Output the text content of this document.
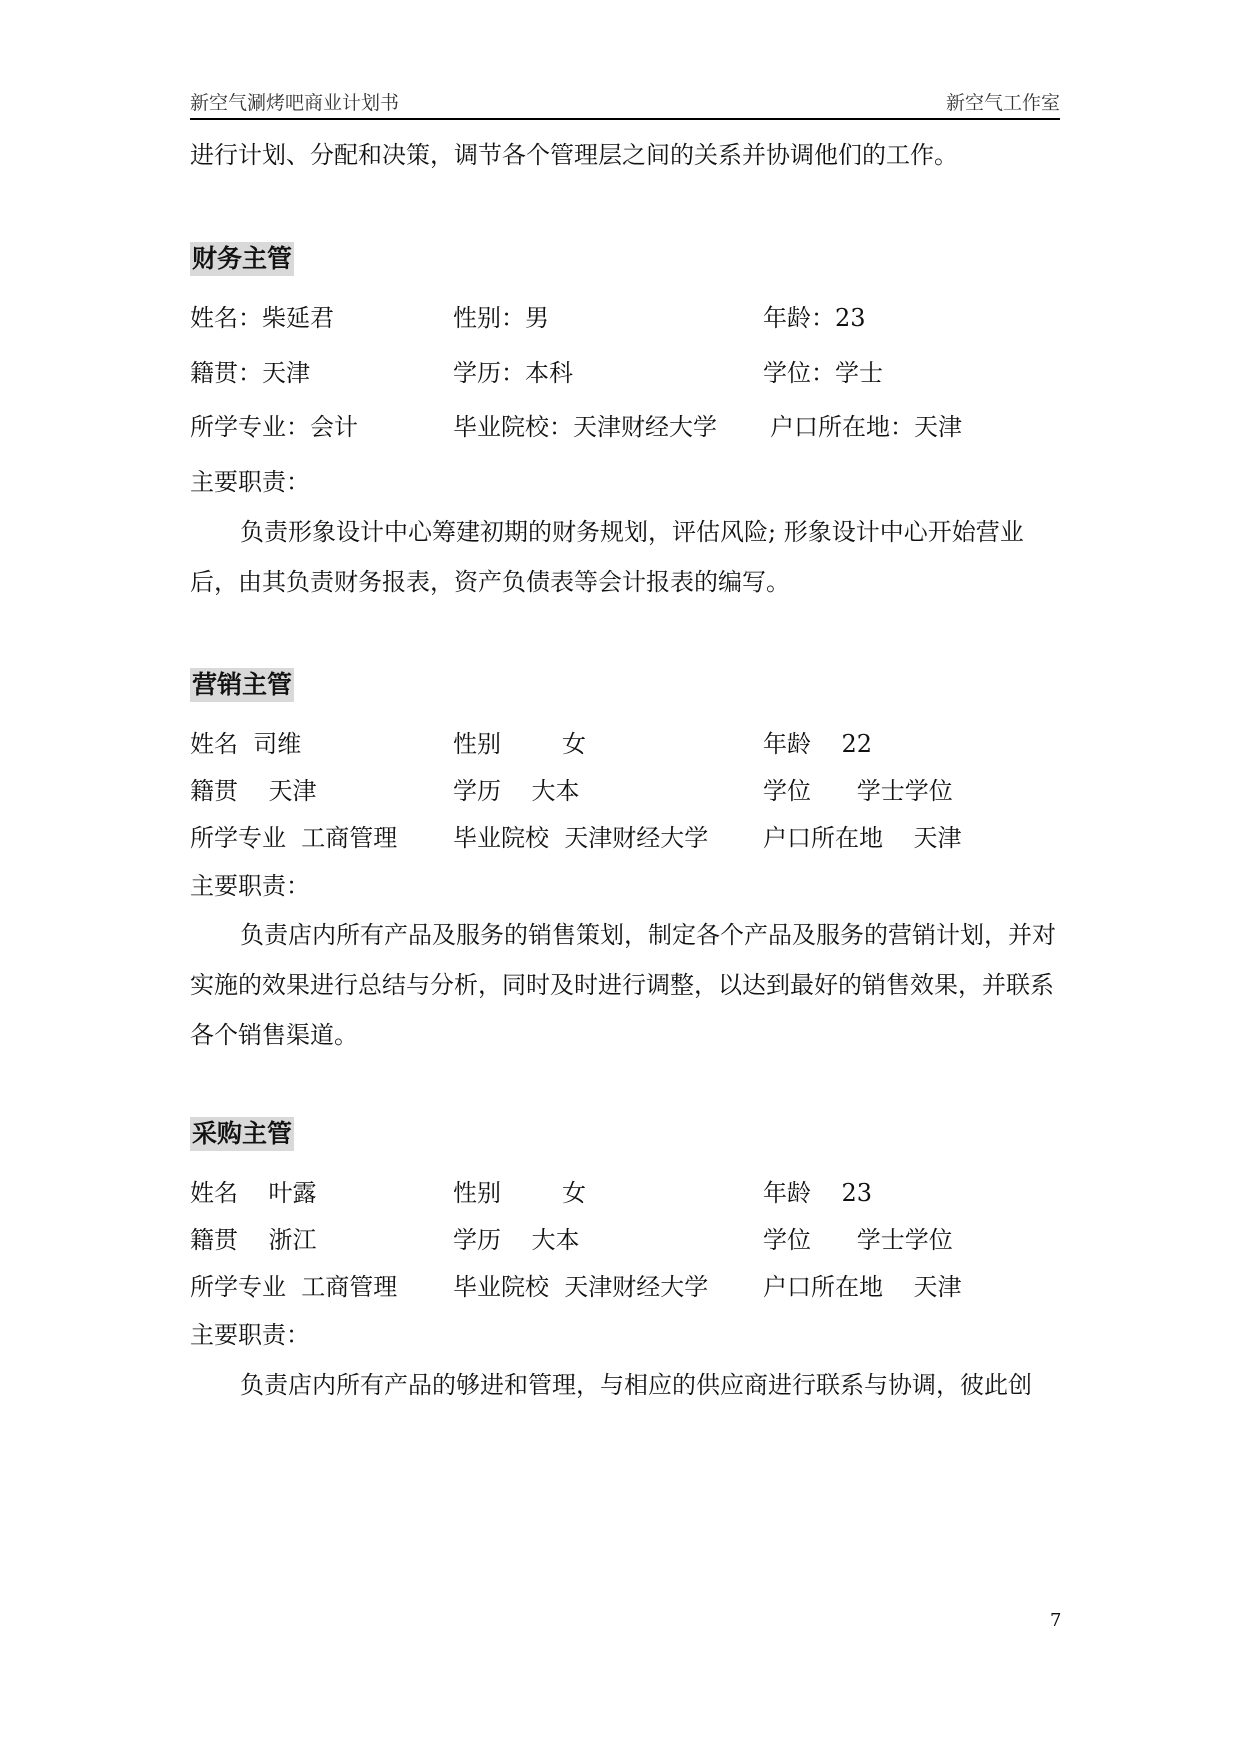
新空气涮烤吧商业计划书	新空气工作室
进行计划、分配和决策，调节各个管理层之间的关系并协调他们的工作。
财务主管
姓名：柴延君	性别：男	年龄：23
籍贯：天津	学历：本科	学位：学士
所学专业：会计	毕业院校：天津财经大学 户口所在地：天津
主要职责：
负责形象设计中心筹建初期的财务规划，评估风险; 形象设计中心开始营业后，由其负责财务报表，资产负债表等会计报表的编写。
营销主管
姓名  司维	性别        女	年龄    22
籍贯    天津	学历    大本	学位      学士学位
所学专业  工商管理 毕业院校  天津财经大学 户口所在地    天津
主要职责：
负责店内所有产品及服务的销售策划，制定各个产品及服务的营销计划，并对实施的效果进行总结与分析，同时及时进行调整，以达到最好的销售效果，并联系各个销售渠道。
采购主管
姓名    叶露	性别        女	年龄    23
籍贯    浙江	学历    大本	学位      学士学位
所学专业  工商管理 毕业院校  天津财经大学 户口所在地    天津
主要职责：
负责店内所有产品的够进和管理，与相应的供应商进行联系与协调，彼此创
7
